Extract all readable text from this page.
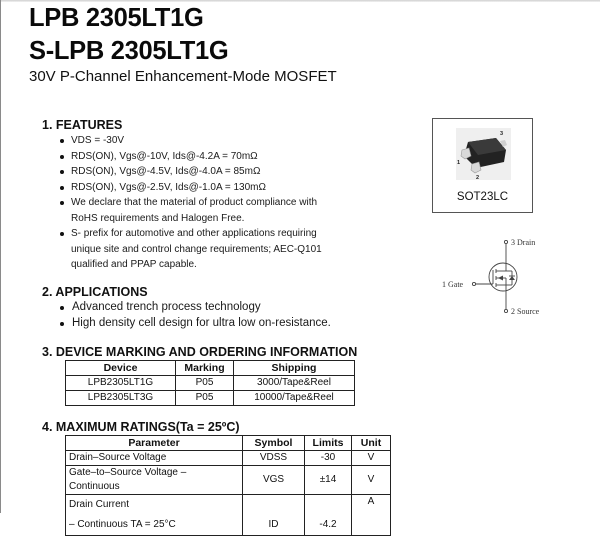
LPB 2305LT1G
S-LPB 2305LT1G
30V P-Channel Enhancement-Mode MOSFET
1. FEATURES
VDS = -30V
RDS(ON), Vgs@-10V, Ids@-4.2A = 70mΩ
RDS(ON), Vgs@-4.5V, Ids@-4.0A = 85mΩ
RDS(ON), Vgs@-2.5V, Ids@-1.0A = 130mΩ
We declare that the material of product compliance with
RoHS requirements and Halogen Free.
S- prefix for automotive and other applications requiring
unique site and control change requirements; AEC-Q101
qualified and PPAP capable.
3
1
2
SOT23LC
3 Drain
1 Gate
2 Source
2. APPLICATIONS
Advanced trench process technology
High density cell design for ultra low on-resistance.
3. DEVICE MARKING AND ORDERING INFORMATION
Device	Marking	Shipping
LPB2305LT1G	P05	3000/Tape&Reel
LPB2305LT3G	P05	10000/Tape&Reel
4. MAXIMUM RATINGS(Ta = 25ºC)
Parameter	Symbol	Limits	Unit
Drain–Source Voltage	VDSS	-30	V
Gate–to–Source Voltage – Continuous	VGS	±14	V
Drain Current			A
– Continuous TA = 25°C	ID	-4.2	
